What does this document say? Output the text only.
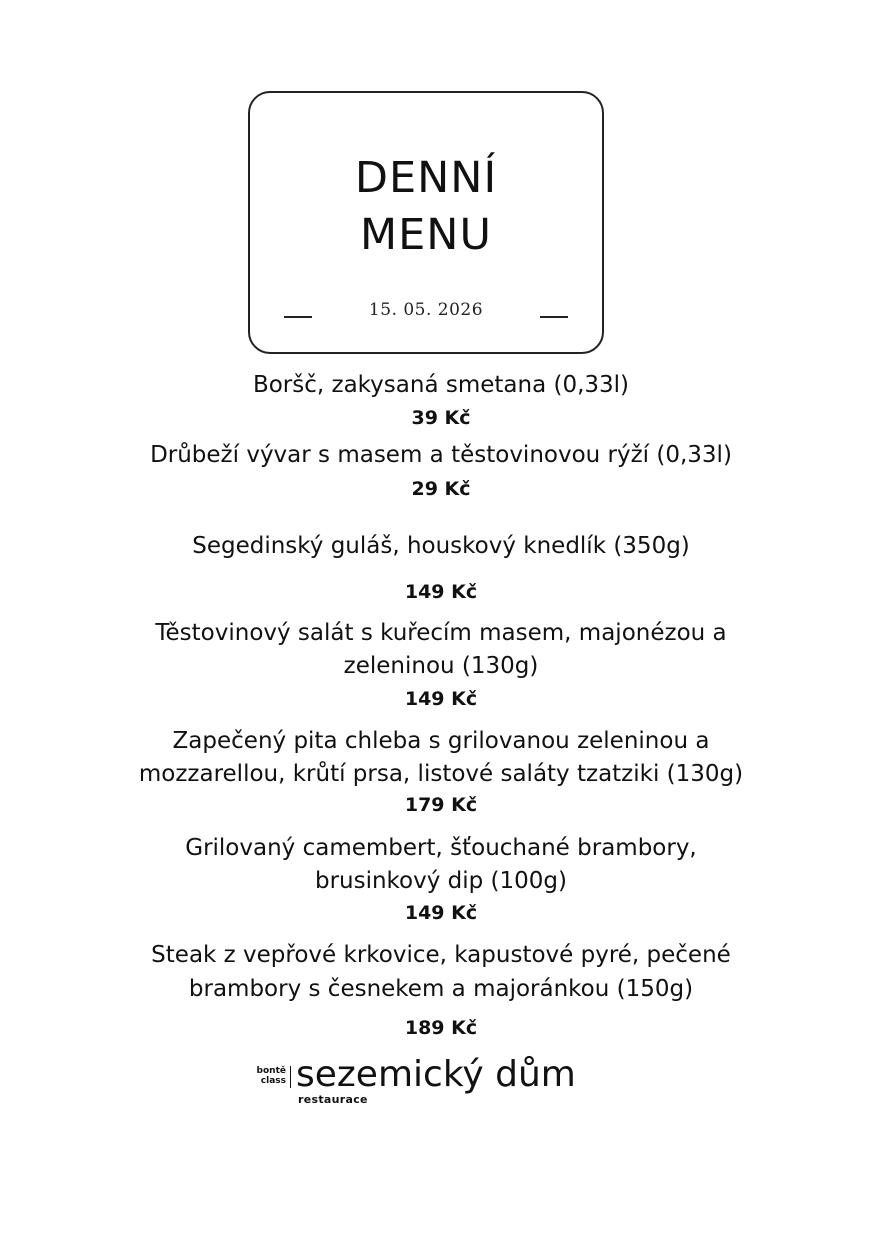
DENNÍ
MENU
15. 05. 2026
Boršč, zakysaná smetana (0,33l)
39 Kč
Drůbeží vývar s masem a těstovinovou rýží (0,33l)
29 Kč
Segedinský guláš, houskový knedlík (350g)
149 Kč
Těstovinový salát s kuřecím masem, majonézou a
zeleninou (130g)
149 Kč
Zapečený pita chleba s grilovanou zeleninou a
mozzarellou, krůtí prsa, listové saláty tzatziki (130g)
179 Kč
Grilovaný camembert, šťouchané brambory,
brusinkový dip (100g)
149 Kč
Steak z vepřové krkovice, kapustové pyré, pečené
brambory s česnekem a majoránkou (150g)
189 Kč
bontě
class sezemický dům
restaurace
